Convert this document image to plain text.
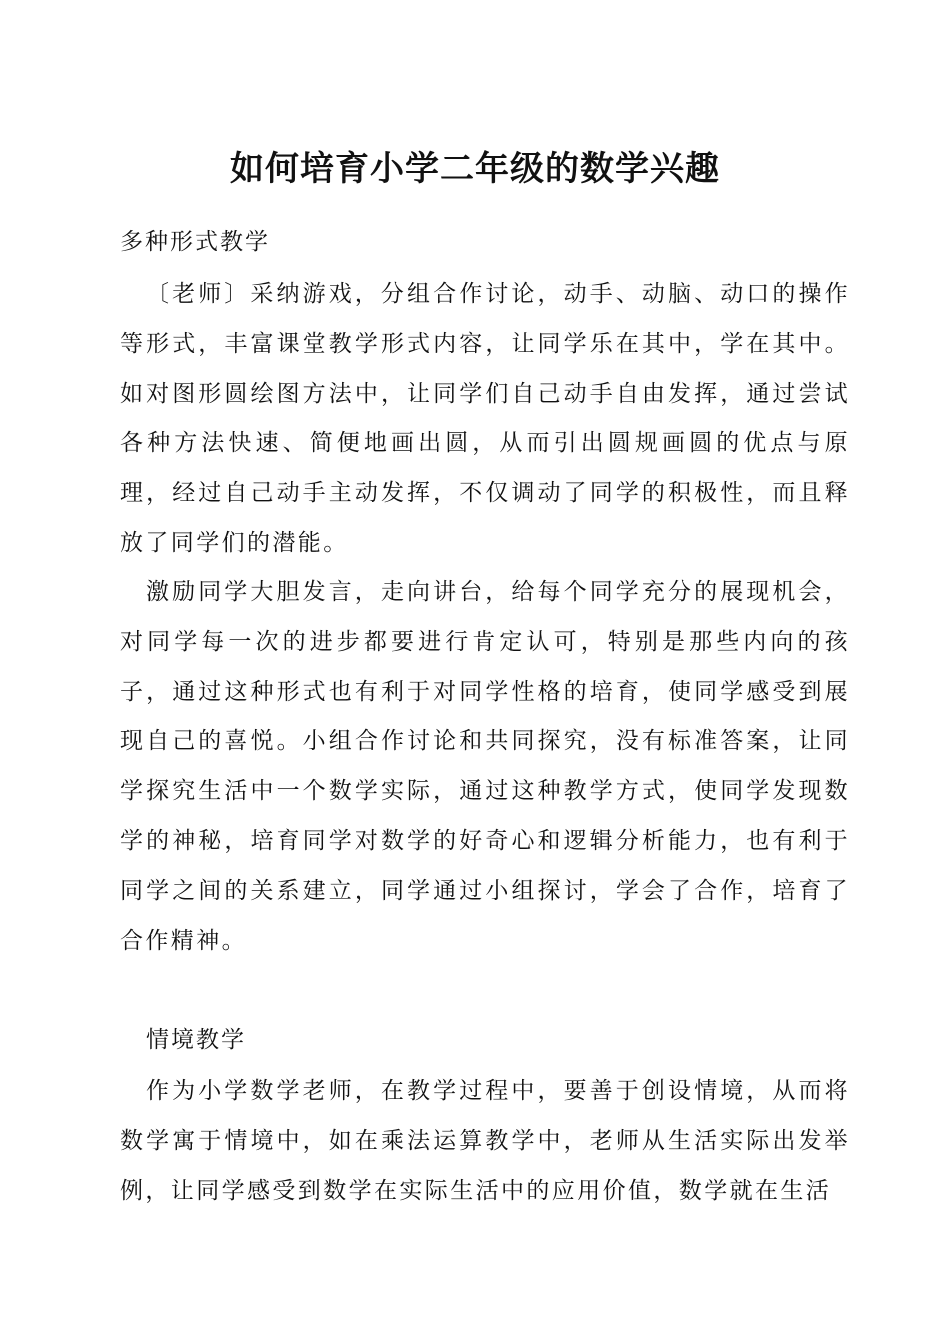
如何培育小学二年级的数学兴趣
多种形式教学

〔老师〕采纳游戏，分组合作讨论，动手、动脑、动口的操作等形式，丰富课堂教学形式内容，让同学乐在其中，学在其中。如对图形圆绘图方法中，让同学们自己动手自由发挥，通过尝试各种方法快速、简便地画出圆，从而引出圆规画圆的优点与原理，经过自己动手主动发挥，不仅调动了同学的积极性，而且释放了同学们的潜能。

激励同学大胆发言，走向讲台，给每个同学充分的展现机会，对同学每一次的进步都要进行肯定认可，特别是那些内向的孩子，通过这种形式也有利于对同学性格的培育，使同学感受到展现自己的喜悦。小组合作讨论和共同探究，没有标准答案，让同学探究生活中一个数学实际，通过这种教学方式，使同学发现数学的神秘，培育同学对数学的好奇心和逻辑分析能力，也有利于同学之间的关系建立，同学通过小组探讨，学会了合作，培育了合作精神。

情境教学

作为小学数学老师，在教学过程中，要善于创设情境，从而将数学寓于情境中，如在乘法运算教学中，老师从生活实际出发举例，让同学感受到数学在实际生活中的应用价值，数学就在生活
